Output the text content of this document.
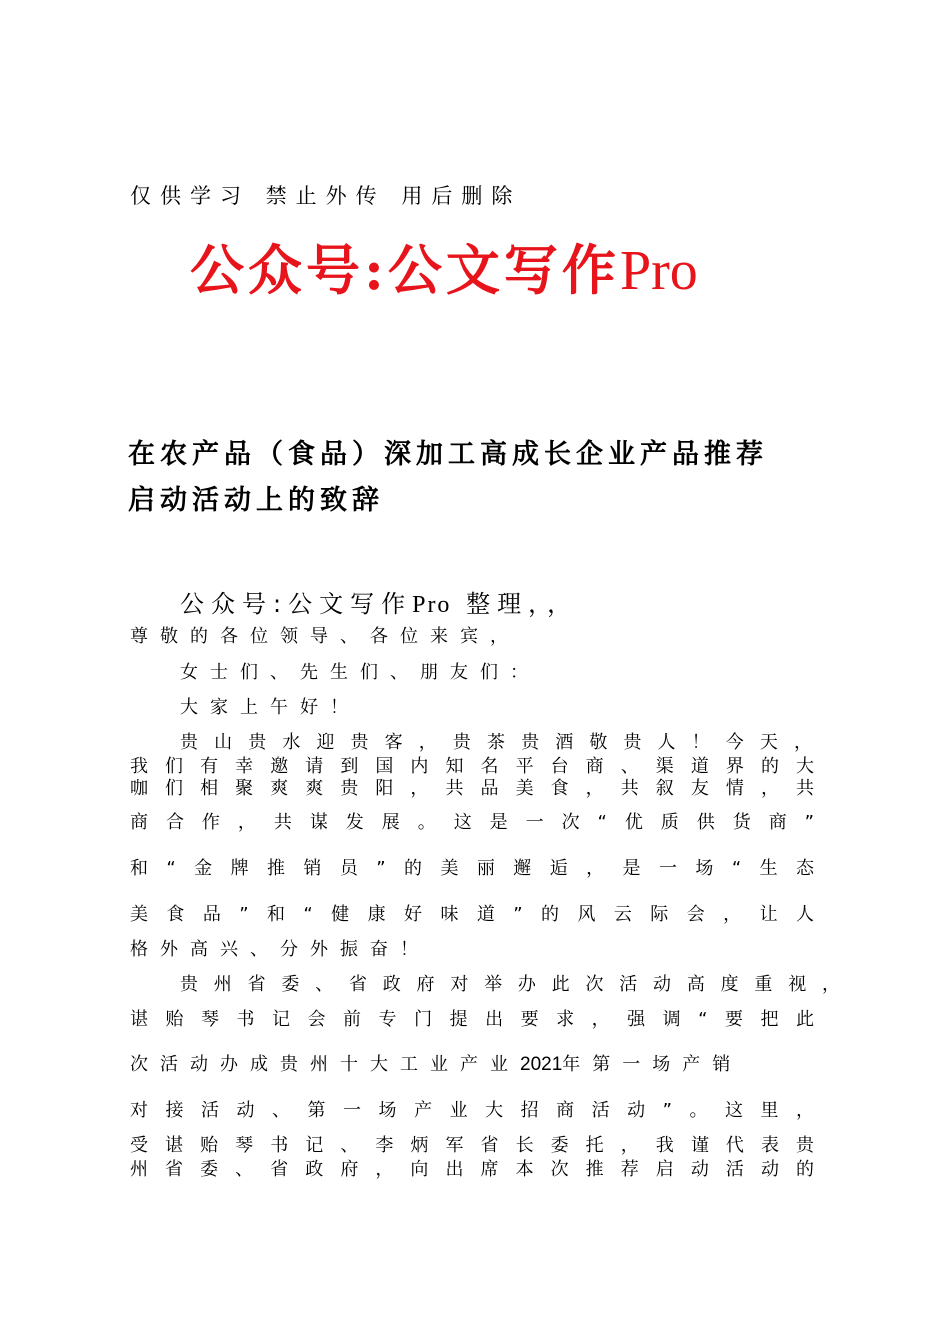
仅供学习 禁止外传 用后删除

公众号:公文写作Pro

在农产品（食品）深加工高成长企业产品推荐
启动活动上的致辞

公众号:公文写作Pro 整理，，

尊敬的各位领导、各位来宾，

女士们、先生们、朋友们：

大家上午好！

贵山贵水迎贵客，贵茶贵酒敬贵人！今天，

我们有幸邀请到国内知名平台商、渠道界的大

咖们相聚爽爽贵阳，共品美食，共叙友情，共

商合作，共谋发展。这是一次“优质供货商”

和“金牌推销员”的美丽邂逅，是一场“生态

美食品”和“健康好味道”的风云际会，让人

格外高兴、分外振奋！

贵州省委、省政府对举办此次活动高度重视，

谌贻琴书记会前专门提出要求，强调“要把此

次活动办成贵州十大工业产业2021年第一场产销

对接活动、第一场产业大招商活动”。这里，

受谌贻琴书记、李炳军省长委托，我谨代表贵

州省委、省政府，向出席本次推荐启动活动的
